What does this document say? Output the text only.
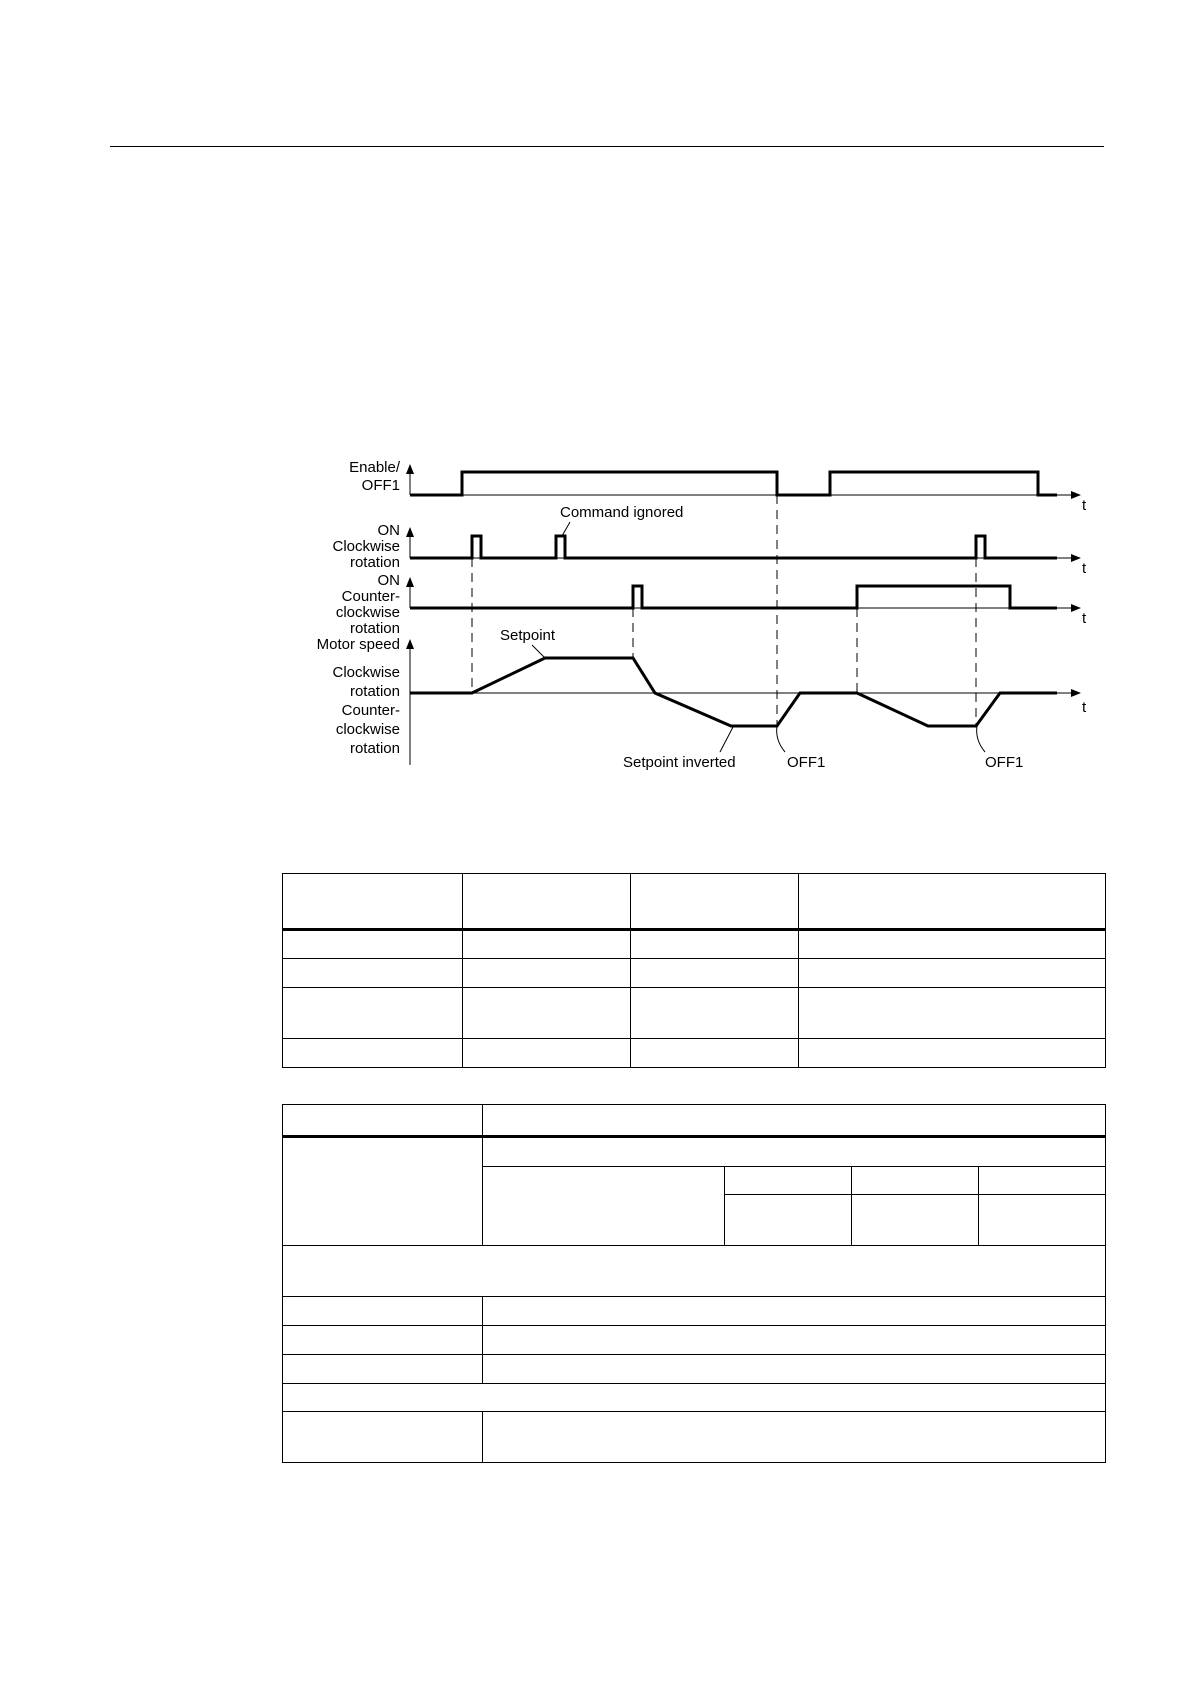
Enable/
OFF1
ON
Clockwise
rotation
ON
Counter-
clockwise
rotation
Motor speed
Clockwise
rotation
Counter-
clockwise
rotation
t
t
t
t
Command ignored
Setpoint
Setpoint inverted	OFF1	OFF1
